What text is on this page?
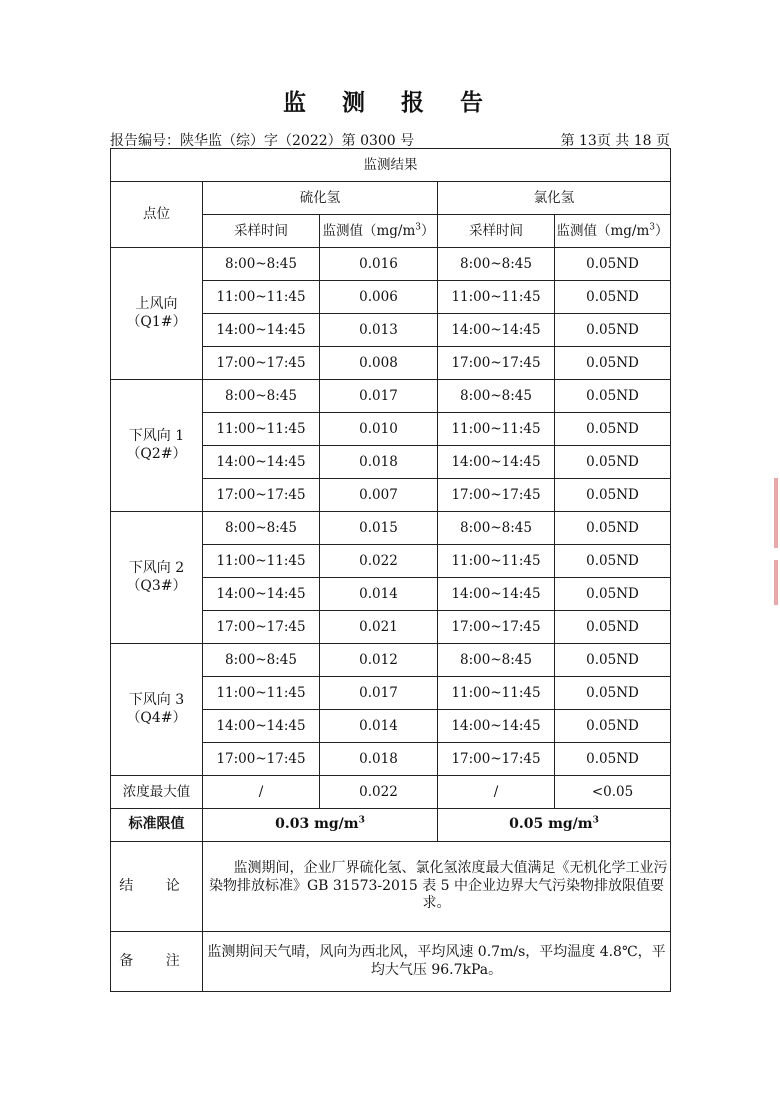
监 测 报 告
报告编号：陕华监（综）字（2022）第 0300 号	第 13页 共 18 页
监测结果				
点位	硫化氢		氯化氢	
	采样时间	监测值$(mg/m^3)$	采样时间	监测值$(mg/m^3)$

上风向
（Q1#）	8:00~8:45	0.016	8:00~8:45	0.05ND
	11:00~11:45	0.006	11:00~11:45	0.05ND
	14:00~14:45	0.013	14:00~14:45	0.05ND
	17:00~17:45	0.008	17:00~17:45	0.05ND

下风向 1
（Q2#）	8:00~8:45	0.017	8:00~8:45	0.05ND
	11:00~11:45	0.010	11:00~11:45	0.05ND
	14:00~14:45	0.018	14:00~14:45	0.05ND
	17:00~17:45	0.007	17:00~17:45	0.05ND

下风向 2
（Q3#）	8:00~8:45	0.015	8:00~8:45	0.05ND
	11:00~11:45	0.022	11:00~11:45	0.05ND
	14:00~14:45	0.014	14:00~14:45	0.05ND
	17:00~17:45	0.021	17:00~17:45	0.05ND

下风向 3
（Q4#）	8:00~8:45	0.012	8:00~8:45	0.05ND
	11:00~11:45	0.017	11:00~11:45	0.05ND
	14:00~14:45	0.014	14:00~14:45	0.05ND
	17:00~17:45	0.018	17:00~17:45	0.05ND
浓度最大值	/	0.022	/	<0.05
标准限值	0.03 $mg/m^3$		0.05 $mg/m^3$
结 论	监测期间，企业厂界硫化氢、氯化氢浓度最大值满足《无机化学工业污染物排放标准》GB 31573-2015 表 5 中企业边界大气污染物排放限值要求。			
备 注	监测期间天气晴，风向为西北风，平均风速 0.7m/s，平均温度 4.8℃，平均大气压 96.7kPa。			
